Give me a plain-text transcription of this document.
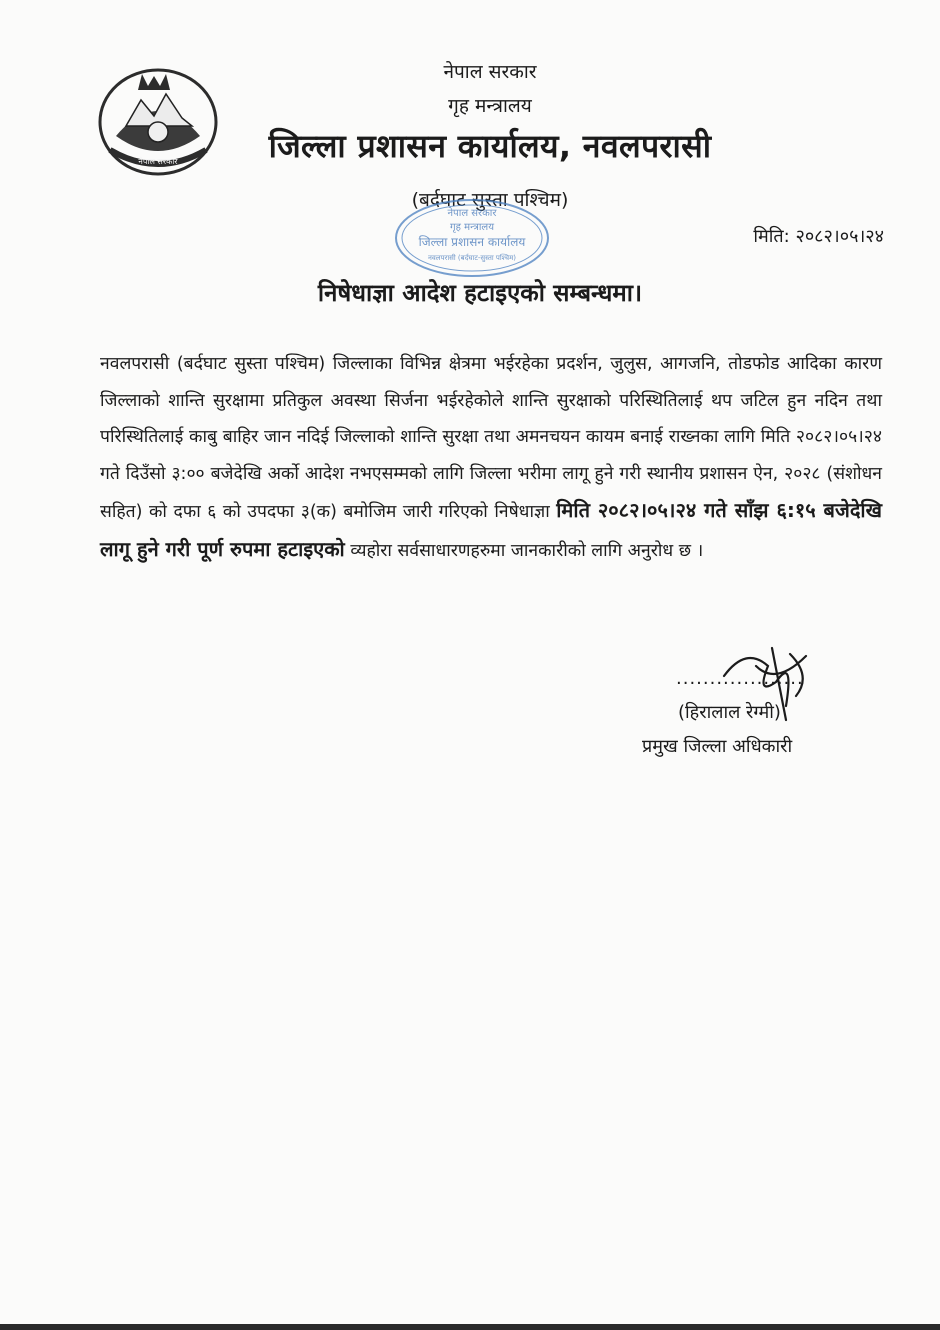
नेपाल सरकार
नेपाल सरकार
गृह मन्त्रालय
जिल्ला प्रशासन कार्यालय, नवलपरासी
(बर्दघाट सुस्ता पश्चिम)
नेपाल सरकार
गृह मन्त्रालय
जिल्ला प्रशासन कार्यालय
नवलपरासी (बर्दघाट-सुस्ता पश्चिम)
मिति: २०८२।०५।२४
निषेधाज्ञा आदेश हटाइएको सम्बन्धमा।
नवलपरासी (बर्दघाट सुस्ता पश्चिम) जिल्लाका विभिन्न क्षेत्रमा भईरहेका प्रदर्शन, जुलुस, आगजनि, तोडफोड आदिका कारण जिल्लाको शान्ति सुरक्षामा प्रतिकुल अवस्था सिर्जना भईरहेकोले शान्ति सुरक्षाको परिस्थितिलाई थप जटिल हुन नदिन तथा परिस्थितिलाई काबु बाहिर जान नदिई जिल्लाको शान्ति सुरक्षा तथा अमनचयन कायम बनाई राख्नका लागि मिति २०८२।०५।२४ गते दिउँसो ३:०० बजेदेखि अर्को आदेश नभएसम्मको लागि जिल्ला भरीमा लागू हुने गरी स्थानीय प्रशासन ऐन, २०२८ (संशोधन सहित) को दफा ६ को उपदफा ३(क) बमोजिम जारी गरिएको निषेधाज्ञा मिति २०८२।०५।२४ गते साँझ ६:१५ बजेदेखि लागू हुने गरी पूर्ण रुपमा हटाइएको व्यहोरा सर्वसाधारणहरुमा जानकारीको लागि अनुरोध छ ।
...................
(हिरालाल रेग्मी)
प्रमुख जिल्ला अधिकारी
